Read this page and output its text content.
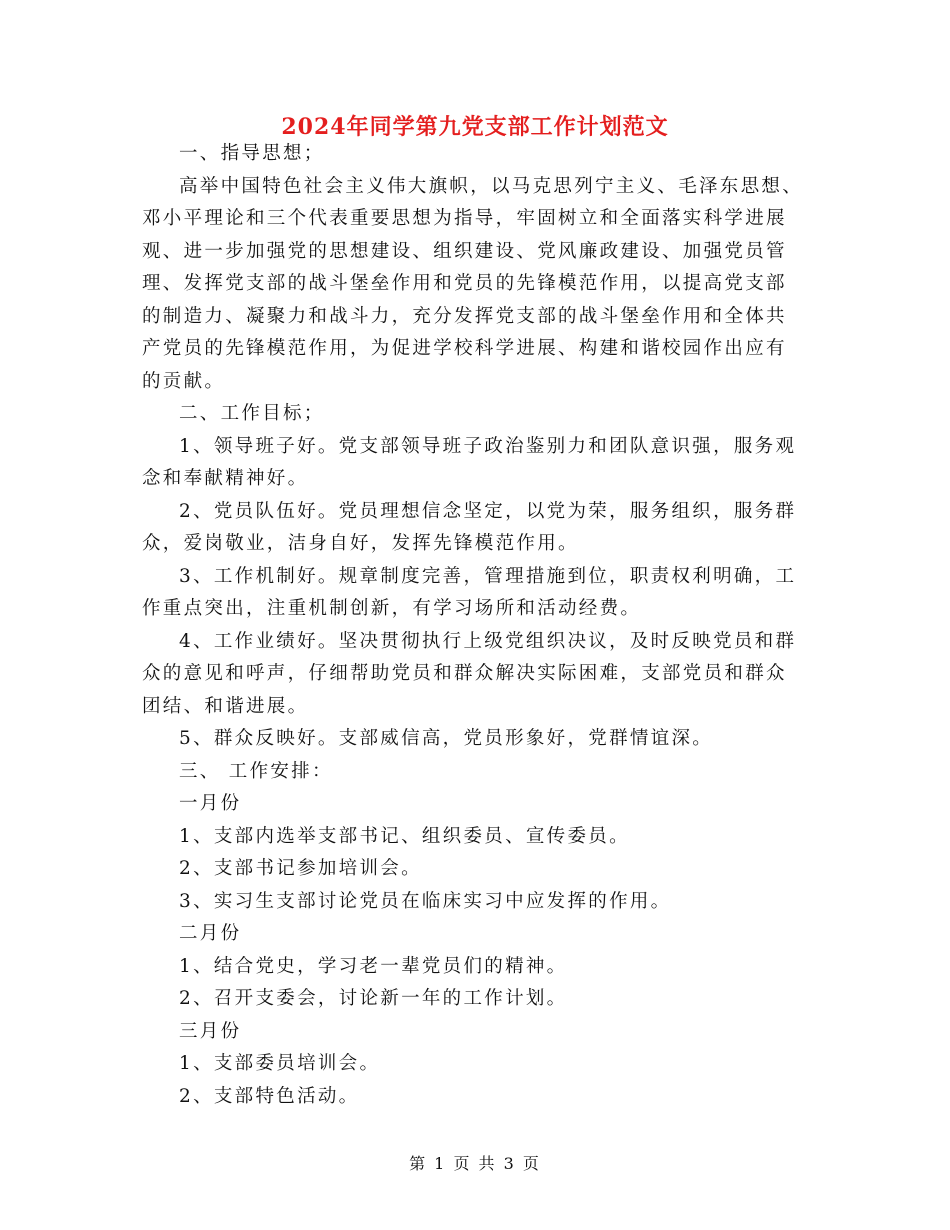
2024年同学第九党支部工作计划范文

一、指导思想；

高举中国特色社会主义伟大旗帜，以马克思列宁主义、毛泽东思想、邓小平理论和三个代表重要思想为指导，牢固树立和全面落实科学进展观、进一步加强党的思想建设、组织建设、党风廉政建设、加强党员管理、发挥党支部的战斗堡垒作用和党员的先锋模范作用，以提高党支部的制造力、凝聚力和战斗力，充分发挥党支部的战斗堡垒作用和全体共产党员的先锋模范作用，为促进学校科学进展、构建和谐校园作出应有的贡献。

二、工作目标；

1、领导班子好。党支部领导班子政治鉴别力和团队意识强，服务观念和奉献精神好。

2、党员队伍好。党员理想信念坚定，以党为荣，服务组织，服务群众，爱岗敬业，洁身自好，发挥先锋模范作用。

3、工作机制好。规章制度完善，管理措施到位，职责权利明确，工作重点突出，注重机制创新，有学习场所和活动经费。

4、工作业绩好。坚决贯彻执行上级党组织决议，及时反映党员和群众的意见和呼声，仔细帮助党员和群众解决实际困难，支部党员和群众团结、和谐进展。

5、群众反映好。支部威信高，党员形象好，党群情谊深。

三、 工作安排：

一月份

1、支部内选举支部书记、组织委员、宣传委员。

2、支部书记参加培训会。

3、实习生支部讨论党员在临床实习中应发挥的作用。

二月份

1、结合党史，学习老一辈党员们的精神。

2、召开支委会，讨论新一年的工作计划。

三月份

1、支部委员培训会。

2、支部特色活动。

第 1 页 共 3 页
